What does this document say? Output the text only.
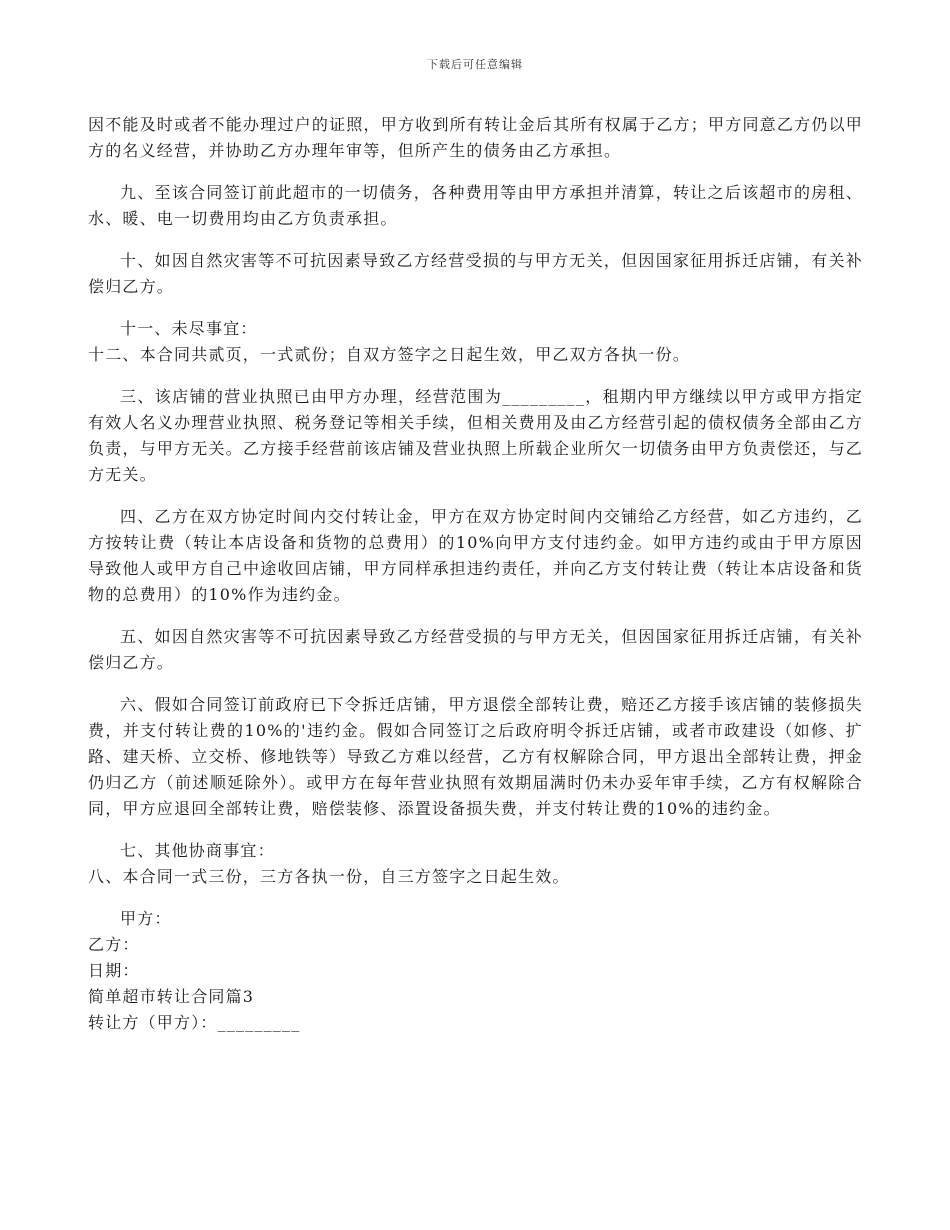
下载后可任意编辑

因不能及时或者不能办理过户的证照，甲方收到所有转让金后其所有权属于乙方；甲方同意乙方仍以甲方的名义经营，并协助乙方办理年审等，但所产生的债务由乙方承担。

九、至该合同签订前此超市的一切债务，各种费用等由甲方承担并清算，转让之后该超市的房租、水、暖、电一切费用均由乙方负责承担。

十、如因自然灾害等不可抗因素导致乙方经营受损的与甲方无关，但因国家征用拆迁店铺，有关补偿归乙方。

十一、未尽事宜：

十二、本合同共贰页，一式贰份；自双方签字之日起生效，甲乙双方各执一份。

三、该店铺的营业执照已由甲方办理，经营范围为_________，租期内甲方继续以甲方或甲方指定有效人名义办理营业执照、税务登记等相关手续，但相关费用及由乙方经营引起的债权债务全部由乙方负责，与甲方无关。乙方接手经营前该店铺及营业执照上所载企业所欠一切债务由甲方负责偿还，与乙方无关。

四、乙方在双方协定时间内交付转让金，甲方在双方协定时间内交铺给乙方经营，如乙方违约，乙方按转让费（转让本店设备和货物的总费用）的10%向甲方支付违约金。如甲方违约或由于甲方原因导致他人或甲方自己中途收回店铺，甲方同样承担违约责任，并向乙方支付转让费（转让本店设备和货物的总费用）的10%作为违约金。

五、如因自然灾害等不可抗因素导致乙方经营受损的与甲方无关，但因国家征用拆迁店铺，有关补偿归乙方。

六、假如合同签订前政府已下令拆迁店铺，甲方退偿全部转让费，赔还乙方接手该店铺的装修损失费，并支付转让费的10%的'违约金。假如合同签订之后政府明令拆迁店铺，或者市政建设（如修、扩路、建天桥、立交桥、修地铁等）导致乙方难以经营，乙方有权解除合同，甲方退出全部转让费，押金仍归乙方（前述顺延除外）。或甲方在每年营业执照有效期届满时仍未办妥年审手续，乙方有权解除合同，甲方应退回全部转让费，赔偿装修、添置设备损失费，并支付转让费的10%的违约金。

七、其他协商事宜：

八、本合同一式三份，三方各执一份，自三方签字之日起生效。

甲方：

乙方：

日期：

简单超市转让合同篇3

转让方（甲方）：_________
